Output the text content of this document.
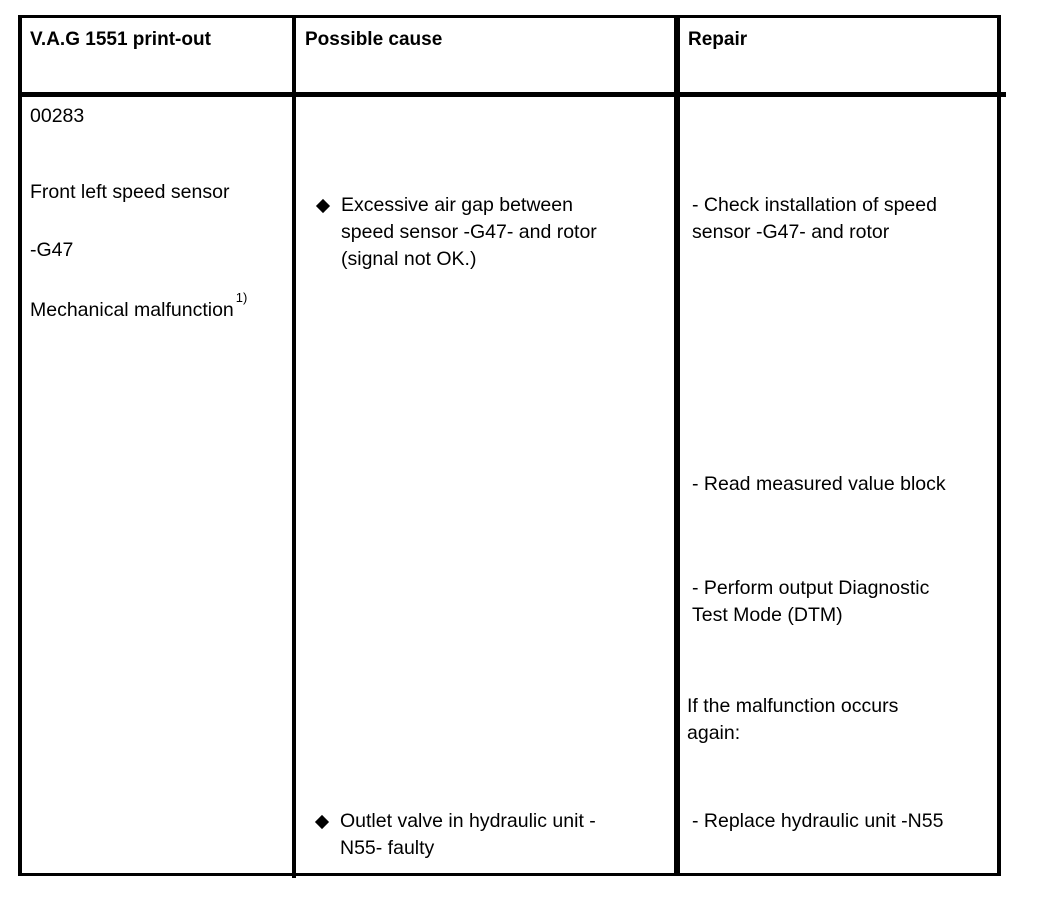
V.A.G 1551 print-out	Possible cause	Repair
00283
Front left speed sensor
-G47
Mechanical malfunction$^{1)}$
Excessive air gap between
speed sensor -G47- and rotor
(signal not OK.)
Outlet valve in hydraulic unit -
N55- faulty
- Check installation of speed
sensor -G47- and rotor
- Read measured value block
- Perform output Diagnostic
Test Mode (DTM)
If the malfunction occurs
again:
- Replace hydraulic unit -N55
